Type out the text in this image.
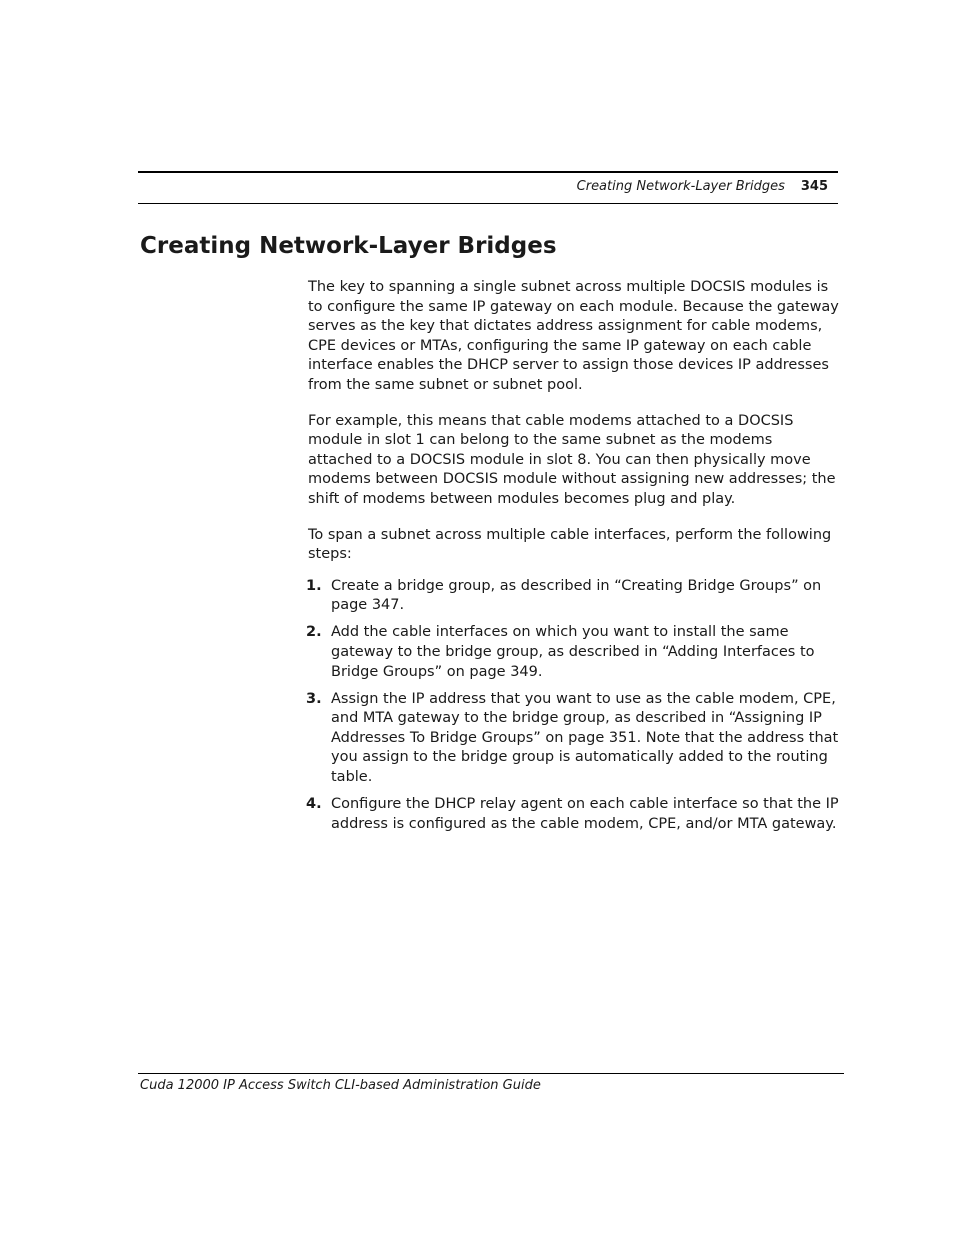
Creating Network-Layer Bridges 345
Creating Network-Layer Bridges

The key to spanning a single subnet across multiple DOCSIS modules is to configure the same IP gateway on each module. Because the gateway serves as the key that dictates address assignment for cable modems, CPE devices or MTAs, configuring the same IP gateway on each cable interface enables the DHCP server to assign those devices IP addresses from the same subnet or subnet pool.

For example, this means that cable modems attached to a DOCSIS module in slot 1 can belong to the same subnet as the modems attached to a DOCSIS module in slot 8. You can then physically move modems between DOCSIS module without assigning new addresses; the shift of modems between modules becomes plug and play.

To span a subnet across multiple cable interfaces, perform the following steps:

1. Create a bridge group, as described in “Creating Bridge Groups” on page 347.
2. Add the cable interfaces on which you want to install the same gateway to the bridge group, as described in “Adding Interfaces to Bridge Groups” on page 349.
3. Assign the IP address that you want to use as the cable modem, CPE, and MTA gateway to the bridge group, as described in “Assigning IP Addresses To Bridge Groups” on page 351. Note that the address that you assign to the bridge group is automatically added to the routing table.
4. Configure the DHCP relay agent on each cable interface so that the IP address is configured as the cable modem, CPE, and/or MTA gateway.
Cuda 12000 IP Access Switch CLI-based Administration Guide
